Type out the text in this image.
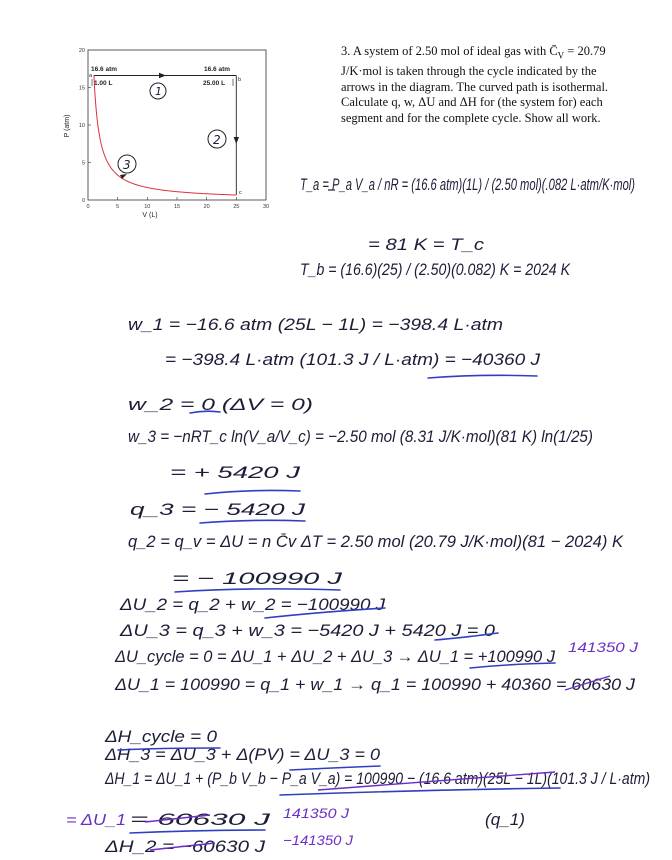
3. A system of 2.50 mol of ideal gas with $C̄_V = 20.79$ J/K·mol is taken through the cycle indicated by the arrows in the diagram. The curved path is isothermal. Calculate q, w, ΔU and ΔH for (the system for) each segment and for the complete cycle. Show all work.
20
15
10
5
0
0	5	10	15	20	25	30
V (L)
P (atm)
16.6 atm
a
1.00 L
16.6 atm
b
25.00 L
c
1
2
3
T_a = P_a V_a / nR = (16.6 atm)(1L) / (2.50 mol)(.082 L·atm/K·mol)
= 81 K = T_c
T_b = (16.6)(25) / (2.50)(0.082) K = 2024 K
w_1 = −16.6 atm (25L − 1L) = −398.4 L·atm
= −398.4 L·atm (101.3 J / L·atm) = −40360 J
w_2 = 0 (ΔV = 0)
w_3 = −nRT_c ln(V_a/V_c) = −2.50 mol (8.31 J/K·mol)(81 K) ln(1/25)
= + 5420 J
q_3 = − 5420 J
q_2 = q_v = ΔU = n C̄v ΔT = 2.50 mol (20.79 J/K·mol)(81 − 2024) K
= − 100990 J
ΔU_2 = q_2 + w_2 = −100990 J
ΔU_3 = q_3 + w_3 = −5420 J + 5420 J = 0
ΔU_cycle = 0 = ΔU_1 + ΔU_2 + ΔU_3 → ΔU_1 = +100990 J 141350 J
ΔU_1 = 100990 = q_1 + w_1 → q_1 = 100990 + 40360 = 60630 J
ΔH_cycle = 0
ΔH_3 = ΔU_3 + Δ(PV) = ΔU_3 = 0
ΔH_1 = ΔU_1 + (P_b V_b − P_a V_a) = 100990 − (16.6 atm)(25L − 1L)(101.3 J / L·atm)
= ΔU_1 = 60630 J 141350 J
ΔH_2 = −60630 J −141350 J
(q_1)
